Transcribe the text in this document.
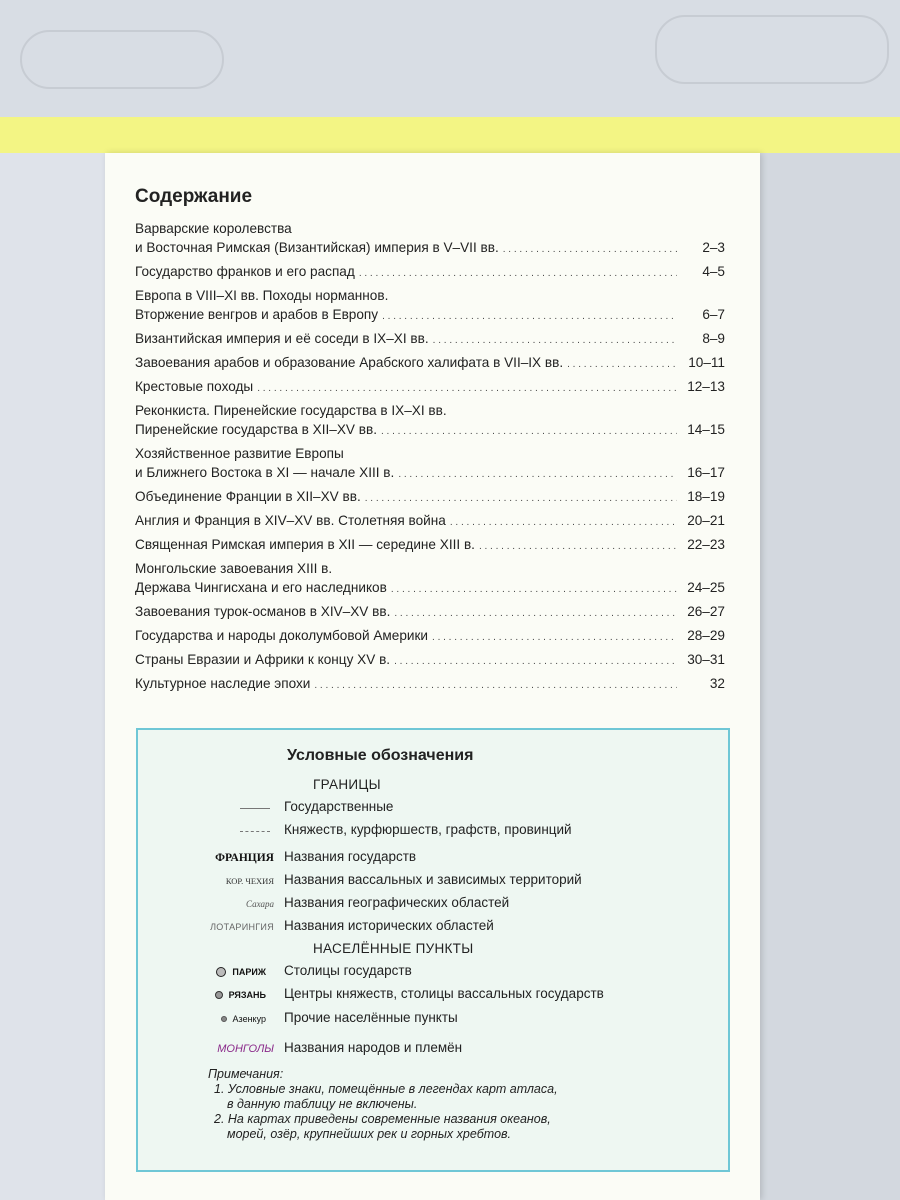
Содержание
Варварские королевства
и Восточная Римская (Византийская) империя в V–VII вв. . . .	2–3
Государство франков и его распад . . .	4–5
Европа в VIII–XI вв. Походы норманнов.
Вторжение венгров и арабов в Европу . . .	6–7
Византийская империя и её соседи в IX–XI вв. . . .	8–9
Завоевания арабов и образование Арабского халифата в VII–IX вв. . . .	10–11
Крестовые походы . . .	12–13
Реконкиста. Пиренейские государства в IX–XI вв.
Пиренейские государства в XII–XV вв. . . .	14–15
Хозяйственное развитие Европы
и Ближнего Востока в XI — начале XIII в. . . .	16–17
Объединение Франции в XII–XV вв. . . .	18–19
Англия и Франция в XIV–XV вв. Столетняя война . . .	20–21
Священная Римская империя в XII — середине XIII в. . . .	22–23
Монгольские завоевания XIII в.
Держава Чингисхана и его наследников . . .	24–25
Завоевания турок-османов в XIV–XV вв. . . .	26–27
Государства и народы доколумбовой Америки . . .	28–29
Страны Евразии и Африки к концу XV в. . . .	30–31
Культурное наследие эпохи . . .	32
Условные обозначения
ГРАНИЦЫ
Государственные
Княжеств, курфюршеств, графств, провинций
ФРАНЦИЯ Названия государств
КОР. ЧЕХИЯ Названия вассальных и зависимых территорий
Сахара Названия географических областей
ЛОТАРИНГИЯ Названия исторических областей
НАСЕЛЁННЫЕ ПУНКТЫ
ПАРИЖ Столицы государств
РЯЗАНЬ Центры княжеств, столицы вассальных государств
Азенкур Прочие населённые пункты
МОНГОЛЫ Названия народов и племён
Примечания:
1. Условные знаки, помещённые в легендах карт атласа,
в данную таблицу не включены.
2. На картах приведены современные названия океанов,
морей, озёр, крупнейших рек и горных хребтов.
